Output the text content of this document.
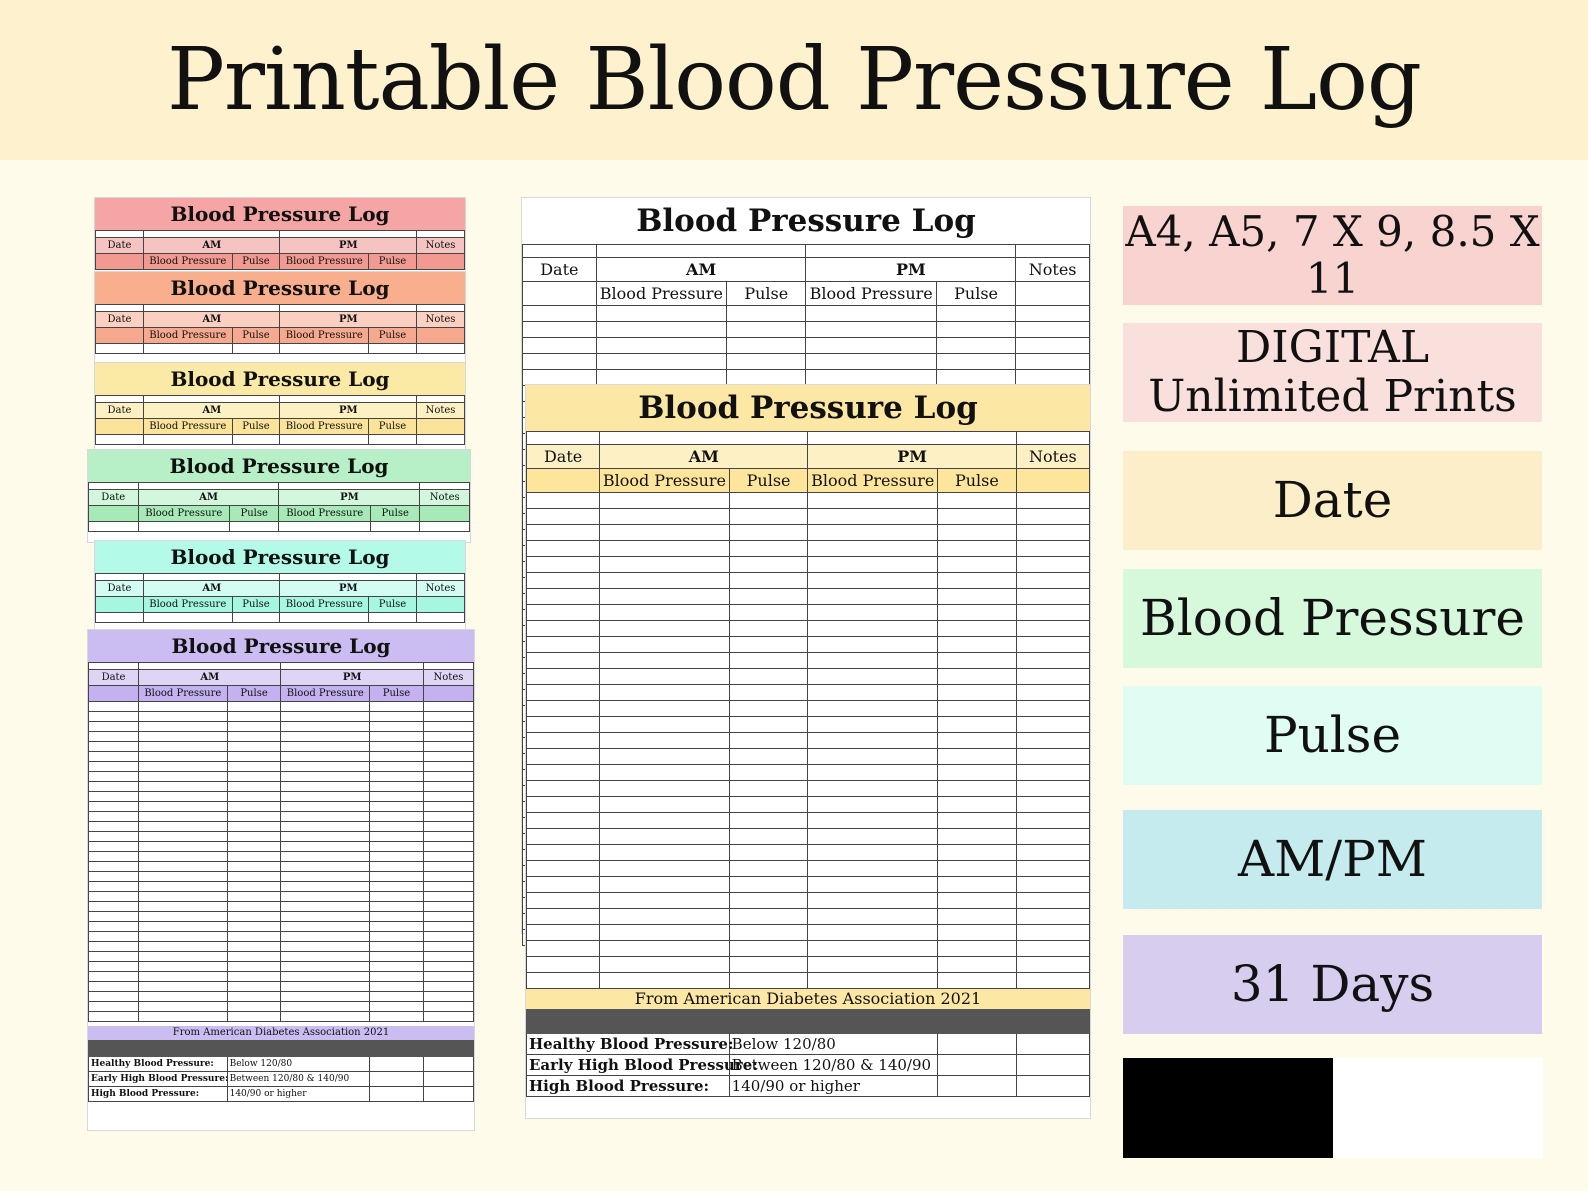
Printable Blood Pressure Log
Blood Pressure Log

Date	AM		PM		Notes
	Blood Pressure	Pulse	Blood Pressure	Pulse	
Blood Pressure Log

Date	AM		PM		Notes
	Blood Pressure	Pulse	Blood Pressure	Pulse	

Blood Pressure Log

Date	AM		PM		Notes
	Blood Pressure	Pulse	Blood Pressure	Pulse	

Blood Pressure Log

Date	AM		PM		Notes
	Blood Pressure	Pulse	Blood Pressure	Pulse	

Blood Pressure Log

Date	AM		PM		Notes
	Blood Pressure	Pulse	Blood Pressure	Pulse	

Blood Pressure Log

Date	AM		PM		Notes
	Blood Pressure	Pulse	Blood Pressure	Pulse	

From American Diabetes Association 2021

Healthy Blood Pressure:	Below 120/80		
Early High Blood Pressure:	Between 120/80 & 140/90		
High Blood Pressure:	140/90 or higher		
Blood Pressure Log

Date	AM		PM		Notes
	Blood Pressure	Pulse	Blood Pressure	Pulse	

Blood Pressure Log

Date	AM		PM		Notes
	Blood Pressure	Pulse	Blood Pressure	Pulse	

From American Diabetes Association 2021

Healthy Blood Pressure:	Below 120/80		
Early High Blood Pressure:	Between 120/80 & 140/90		
High Blood Pressure:	140/90 or higher		
A4, A5, 7 X 9, 8.5 X 11
DIGITAL
Unlimited Prints
Date
Blood Pressure
Pulse
AM/PM
31 Days
